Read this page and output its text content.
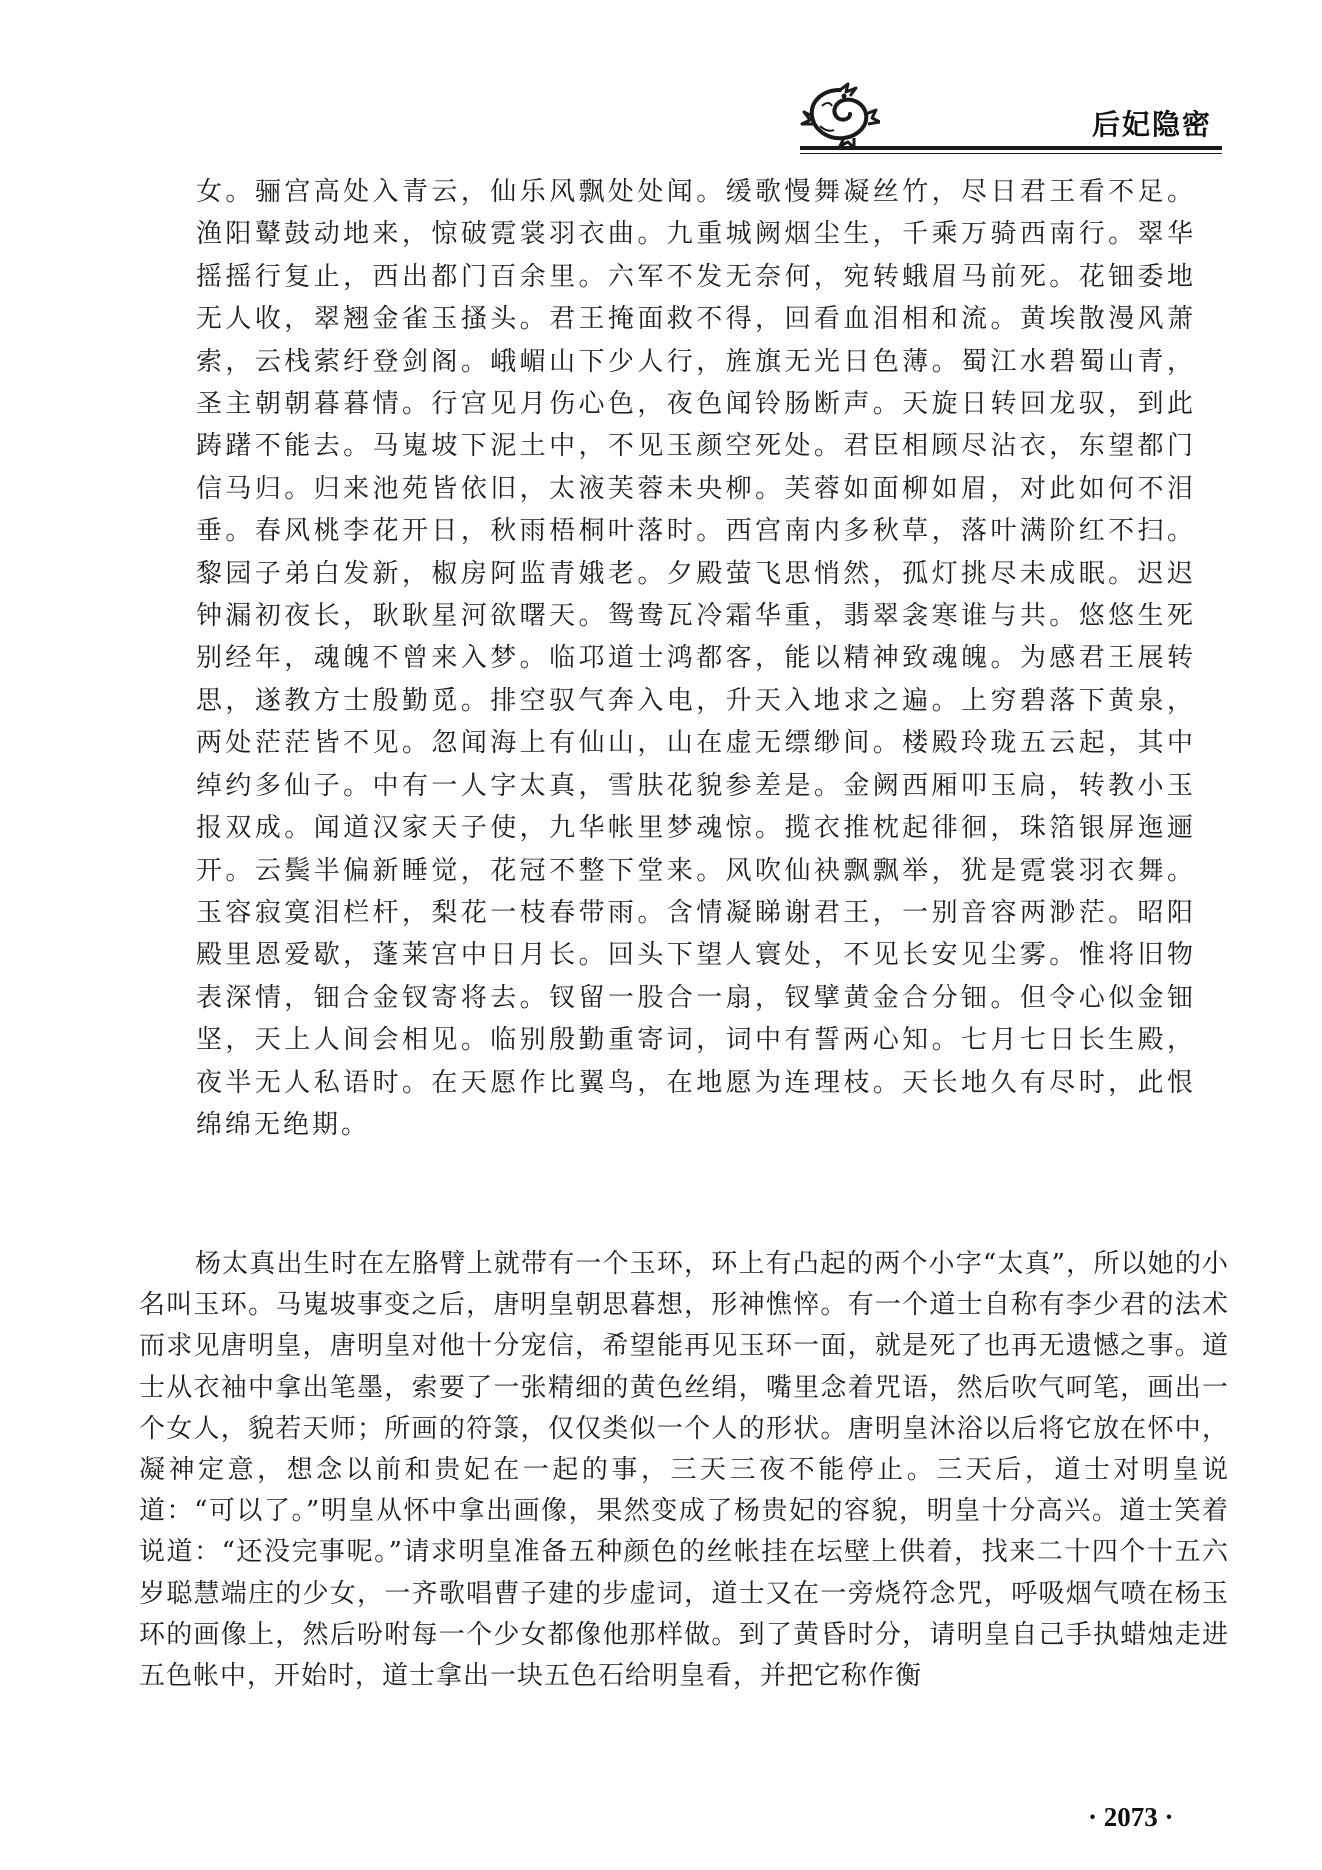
后妃隐密

女。骊宫高处入青云，仙乐风飘处处闻。缓歌慢舞凝丝竹，尽日君王看不足。渔阳鼙鼓动地来，惊破霓裳羽衣曲。九重城阙烟尘生，千乘万骑西南行。翠华摇摇行复止，西出都门百余里。六军不发无奈何，宛转蛾眉马前死。花钿委地无人收，翠翘金雀玉搔头。君王掩面救不得，回看血泪相和流。黄埃散漫风萧索，云栈萦纡登剑阁。峨嵋山下少人行，旌旗无光日色薄。蜀江水碧蜀山青，圣主朝朝暮暮情。行宫见月伤心色，夜色闻铃肠断声。天旋日转回龙驭，到此踌躇不能去。马嵬坡下泥土中，不见玉颜空死处。君臣相顾尽沾衣，东望都门信马归。归来池苑皆依旧，太液芙蓉未央柳。芙蓉如面柳如眉，对此如何不泪垂。春风桃李花开日，秋雨梧桐叶落时。西宫南内多秋草，落叶满阶红不扫。黎园子弟白发新，椒房阿监青娥老。夕殿萤飞思悄然，孤灯挑尽未成眠。迟迟钟漏初夜长，耿耿星河欲曙天。鸳鸯瓦冷霜华重，翡翠衾寒谁与共。悠悠生死别经年，魂魄不曾来入梦。临邛道士鸿都客，能以精神致魂魄。为感君王展转思，遂教方士殷勤觅。排空驭气奔入电，升天入地求之遍。上穷碧落下黄泉，两处茫茫皆不见。忽闻海上有仙山，山在虚无缥缈间。楼殿玲珑五云起，其中绰约多仙子。中有一人字太真，雪肤花貌参差是。金阙西厢叩玉扃，转教小玉报双成。闻道汉家天子使，九华帐里梦魂惊。揽衣推枕起徘徊，珠箔银屏迤逦开。云鬓半偏新睡觉，花冠不整下堂来。风吹仙袂飘飘举，犹是霓裳羽衣舞。玉容寂寞泪栏杆，梨花一枝春带雨。含情凝睇谢君王，一别音容两渺茫。昭阳殿里恩爱歇，蓬莱宫中日月长。回头下望人寰处，不见长安见尘雾。惟将旧物表深情，钿合金钗寄将去。钗留一股合一扇，钗擘黄金合分钿。但令心似金钿坚，天上人间会相见。临别殷勤重寄词，词中有誓两心知。七月七日长生殿，夜半无人私语时。在天愿作比翼鸟，在地愿为连理枝。天长地久有尽时，此恨绵绵无绝期。

杨太真出生时在左胳臂上就带有一个玉环，环上有凸起的两个小字“太真”，所以她的小名叫玉环。马嵬坡事变之后，唐明皇朝思暮想，形神憔悴。有一个道士自称有李少君的法术而求见唐明皇，唐明皇对他十分宠信，希望能再见玉环一面，就是死了也再无遗憾之事。道士从衣袖中拿出笔墨，索要了一张精细的黄色丝绢，嘴里念着咒语，然后吹气呵笔，画出一个女人，貌若天师；所画的符箓，仅仅类似一个人的形状。唐明皇沐浴以后将它放在怀中，凝神定意，想念以前和贵妃在一起的事，三天三夜不能停止。三天后，道士对明皇说道：“可以了。”明皇从怀中拿出画像，果然变成了杨贵妃的容貌，明皇十分高兴。道士笑着说道：“还没完事呢。”请求明皇准备五种颜色的丝帐挂在坛壁上供着，找来二十四个十五六岁聪慧端庄的少女，一齐歌唱曹子建的步虚词，道士又在一旁烧符念咒，呼吸烟气喷在杨玉环的画像上，然后吩咐每一个少女都像他那样做。到了黄昏时分，请明皇自己手执蜡烛走进五色帐中，开始时，道士拿出一块五色石给明皇看，并把它称作衡

· 2073 ·
